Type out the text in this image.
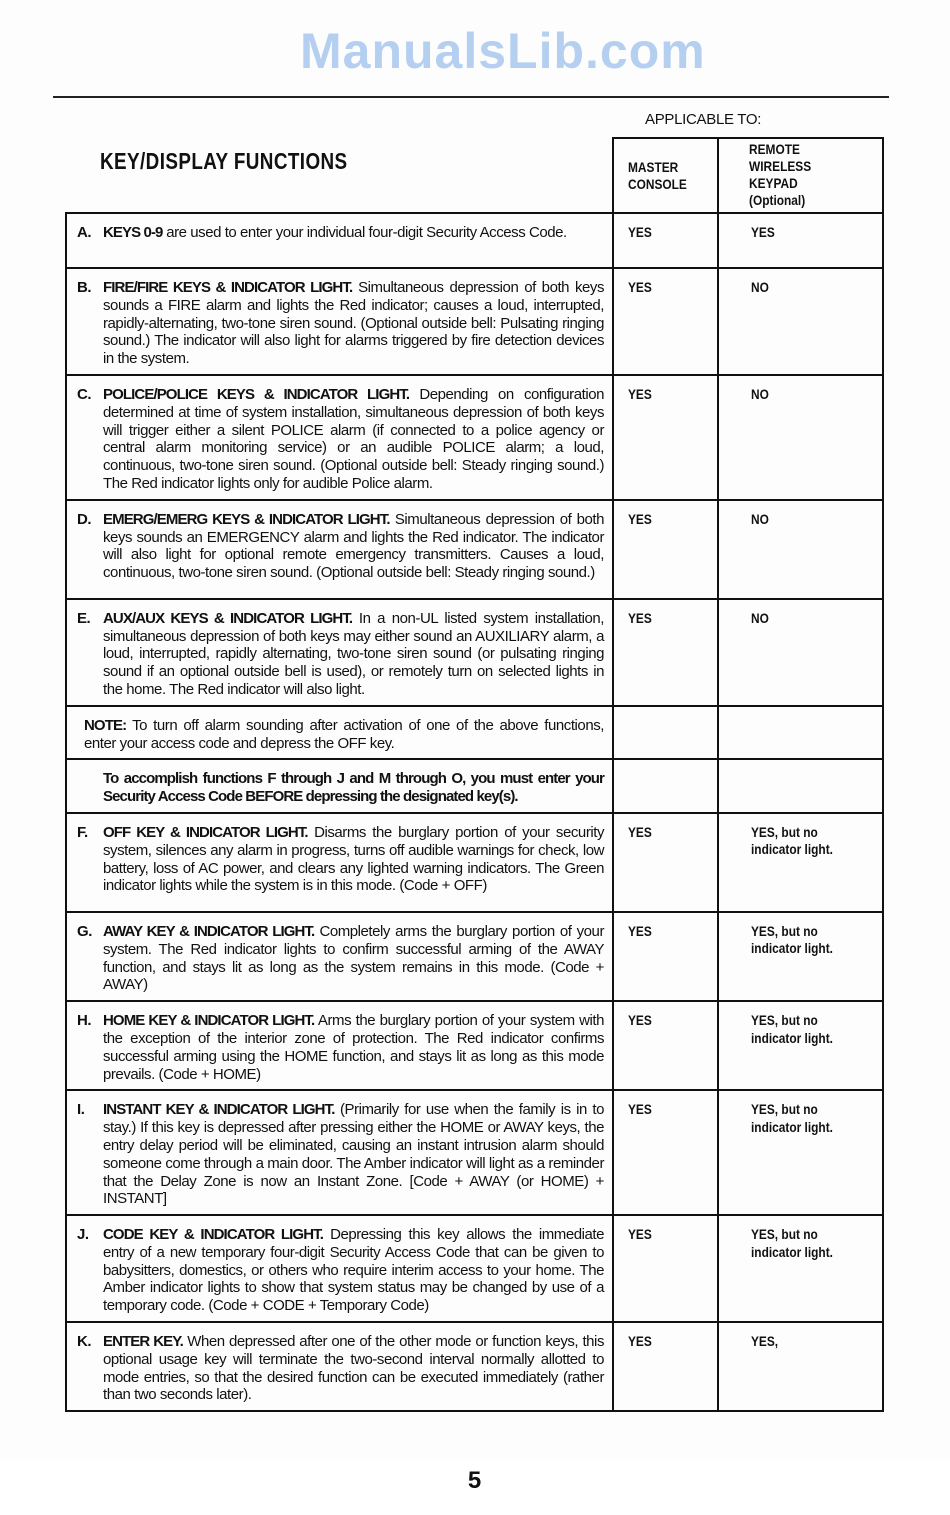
ManualsLib.com
APPLICABLE TO:
KEY/DISPLAY FUNCTIONS	MASTER
CONSOLE
REMOTE
WIRELESS
KEYPAD
(Optional)
A. KEYS 0-9 are used to enter your individual four-digit Security Access Code.	YES	YES
B. FIRE/FIRE KEYS & INDICATOR LIGHT. Simultaneous depression of both keys sounds a FIRE alarm and lights the Red indicator; causes a loud, interrupted, rapidly-alternating, two-tone siren sound. (Optional outside bell: Pulsating ringing sound.) The indicator will also light for alarms triggered by fire detection devices in the system.
YES	NO
C. POLICE/POLICE KEYS & INDICATOR LIGHT. Depending on configuration determined at time of system installation, simultaneous depression of both keys will trigger either a silent POLICE alarm (if connected to a police agency or central alarm monitoring service) or an audible POLICE alarm; a loud, continuous, two-tone siren sound. (Optional outside bell: Steady ringing sound.) The Red indicator lights only for audible Police alarm.
YES	NO
D. EMERG/EMERG KEYS & INDICATOR LIGHT. Simultaneous depression of both keys sounds an EMERGENCY alarm and lights the Red indicator. The indicator will also light for optional remote emergency transmitters. Causes a loud, continuous, two-tone siren sound. (Optional outside bell: Steady ringing sound.)
YES	NO
E. AUX/AUX KEYS & INDICATOR LIGHT. In a non-UL listed system installation, simultaneous depression of both keys may either sound an AUXILIARY alarm, a loud, interrupted, rapidly alternating, two-tone siren sound (or pulsating ringing sound if an optional outside bell is used), or remotely turn on selected lights in the home. The Red indicator will also light.
YES	NO
NOTE: To turn off alarm sounding after activation of one of the above functions, enter your access code and depress the OFF key.
To accomplish functions F through J and M through O, you must enter your Security Access Code BEFORE depressing the designated key(s).
F. OFF KEY & INDICATOR LIGHT. Disarms the burglary portion of your security system, silences any alarm in progress, turns off audible warnings for check, low battery, loss of AC power, and clears any lighted warning indicators. The Green indicator lights while the system is in this mode. (Code + OFF)
YES	YES, but no indicator light.
G. AWAY KEY & INDICATOR LIGHT. Completely arms the burglary portion of your system. The Red indicator lights to confirm successful arming of the AWAY function, and stays lit as long as the system remains in this mode. (Code + AWAY)
YES	YES, but no indicator light.
H. HOME KEY & INDICATOR LIGHT. Arms the burglary portion of your system with the exception of the interior zone of protection. The Red indicator confirms successful arming using the HOME function, and stays lit as long as this mode prevails. (Code + HOME)
YES	YES, but no indicator light.
I. INSTANT KEY & INDICATOR LIGHT. (Primarily for use when the family is in to stay.) If this key is depressed after pressing either the HOME or AWAY keys, the entry delay period will be eliminated, causing an instant intrusion alarm should someone come through a main door. The Amber indicator will light as a reminder that the Delay Zone is now an Instant Zone. [Code + AWAY (or HOME) + INSTANT]
YES	YES, but no indicator light.
J. CODE KEY & INDICATOR LIGHT. Depressing this key allows the immediate entry of a new temporary four-digit Security Access Code that can be given to babysitters, domestics, or others who require interim access to your home. The Amber indicator lights to show that system status may be changed by use of a temporary code. (Code + CODE + Temporary Code)
YES	YES, but no indicator light.
K. ENTER KEY. When depressed after one of the other mode or function keys, this optional usage key will terminate the two-second interval normally allotted to mode entries, so that the desired function can be executed immediately (rather than two seconds later).
YES	YES,
5
